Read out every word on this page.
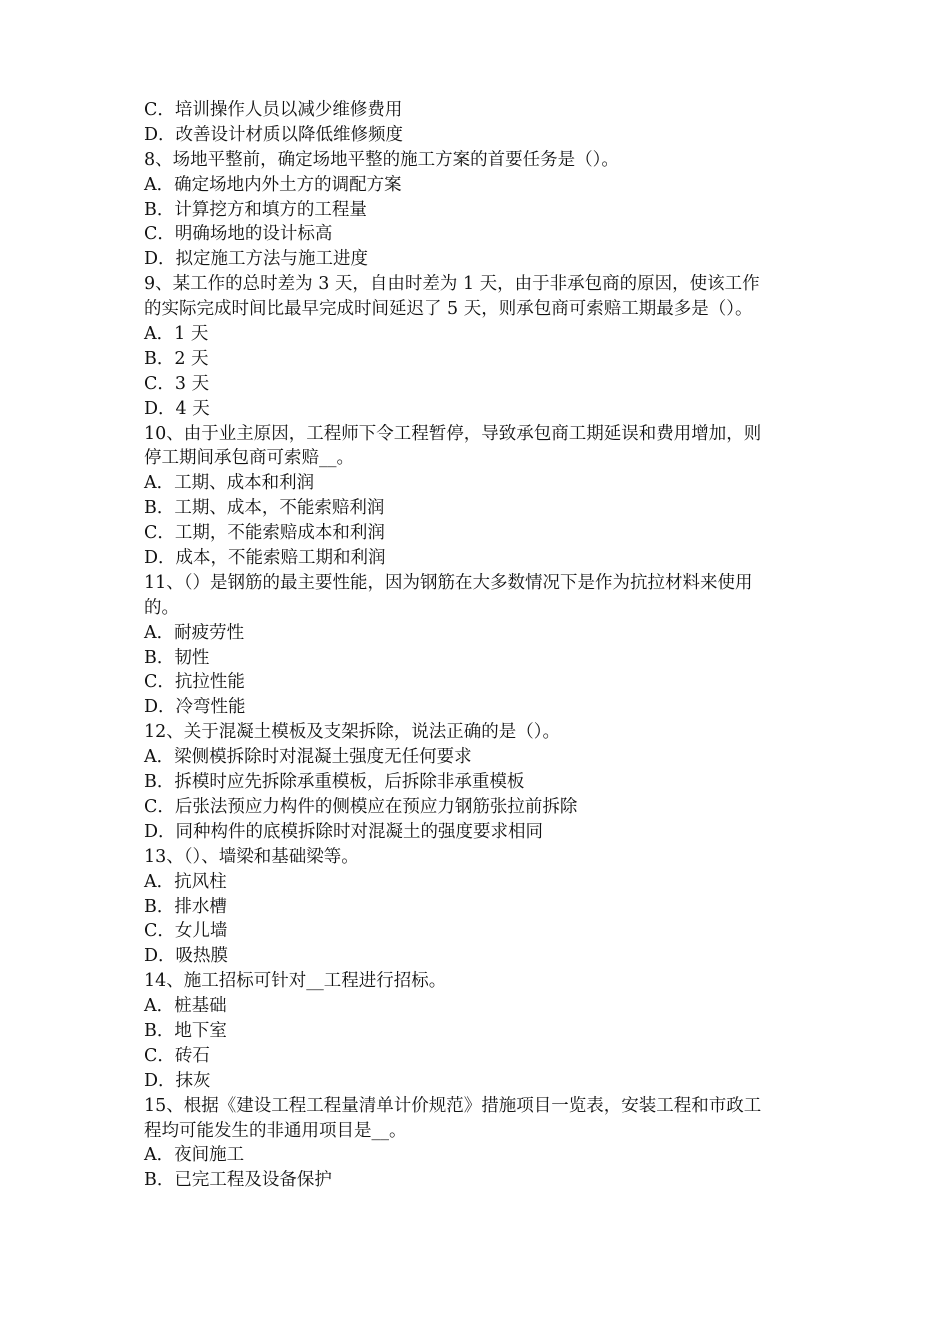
C．培训操作人员以减少维修费用
D．改善设计材质以降低维修频度
8、场地平整前，确定场地平整的施工方案的首要任务是（）。
A．确定场地内外土方的调配方案
B．计算挖方和填方的工程量
C．明确场地的设计标高
D．拟定施工方法与施工进度
9、某工作的总时差为 3 天，自由时差为 1 天，由于非承包商的原因，使该工作
的实际完成时间比最早完成时间延迟了 5 天，则承包商可索赔工期最多是（）。
A．1 天
B．2 天
C．3 天
D．4 天
10、由于业主原因，工程师下令工程暂停，导致承包商工期延误和费用增加，则
停工期间承包商可索赔__。
A．工期、成本和利润
B．工期、成本，不能索赔利润
C．工期，不能索赔成本和利润
D．成本，不能索赔工期和利润
11、（）是钢筋的最主要性能，因为钢筋在大多数情况下是作为抗拉材料来使用
的。
A．耐疲劳性
B．韧性
C．抗拉性能
D．冷弯性能
12、关于混凝土模板及支架拆除，说法正确的是（）。
A．梁侧模拆除时对混凝土强度无任何要求
B．拆模时应先拆除承重模板，后拆除非承重模板
C．后张法预应力构件的侧模应在预应力钢筋张拉前拆除
D．同种构件的底模拆除时对混凝土的强度要求相同
13、（）、墙梁和基础梁等。
A．抗风柱
B．排水槽
C．女儿墙
D．吸热膜
14、施工招标可针对__工程进行招标。
A．桩基础
B．地下室
C．砖石
D．抹灰
15、根据《建设工程工程量清单计价规范》措施项目一览表，安装工程和市政工
程均可能发生的非通用项目是__。
A．夜间施工
B．已完工程及设备保护
